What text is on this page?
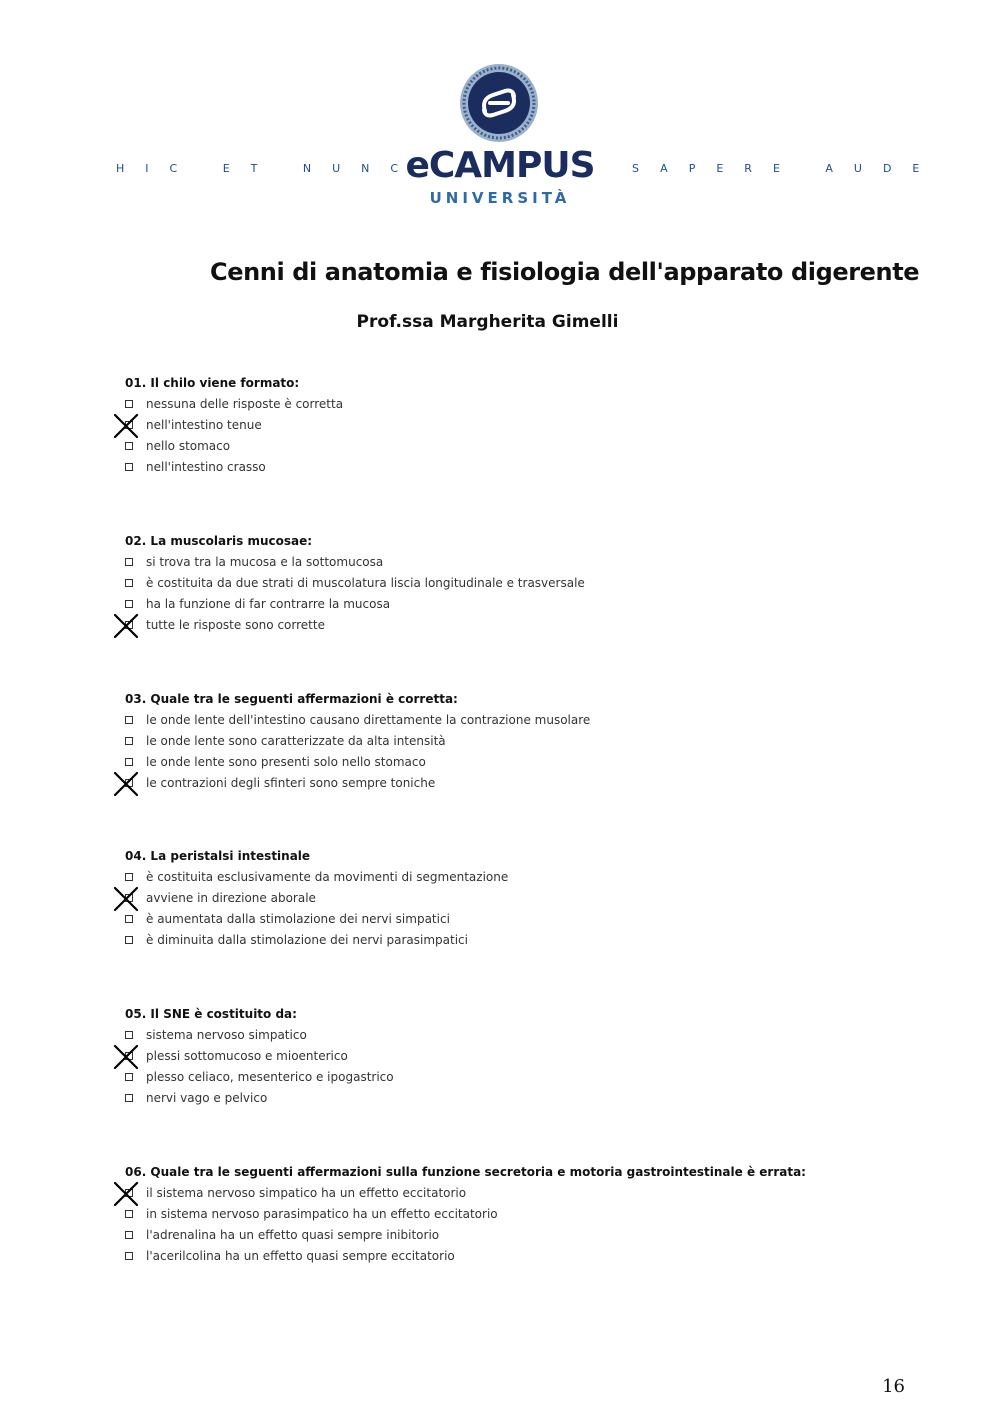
HIC ET NUNC
eCAMPUS
UNIVERSITÀ
SAPERE AUDE
Cenni di anatomia e fisiologia dell'apparato digerente
Prof.ssa Margherita Gimelli
01. Il chilo viene formato:
nessuna delle risposte è corretta
nell'intestino tenue
nello stomaco
nell'intestino crasso
02. La muscolaris mucosae:
si trova tra la mucosa e la sottomucosa
è costituita da due strati di muscolatura liscia longitudinale e trasversale
ha la funzione di far contrarre la mucosa
tutte le risposte sono corrette
03. Quale tra le seguenti affermazioni è corretta:
le onde lente dell'intestino causano direttamente la contrazione musolare
le onde lente sono caratterizzate da alta intensità
le onde lente sono presenti solo nello stomaco
le contrazioni degli sfinteri sono sempre toniche
04. La peristalsi intestinale
è costituita esclusivamente da movimenti di segmentazione
avviene in direzione aborale
è aumentata dalla stimolazione dei nervi simpatici
è diminuita dalla stimolazione dei nervi parasimpatici
05. Il SNE è costituito da:
sistema nervoso simpatico
plessi sottomucoso e mioenterico
plesso celiaco, mesenterico e ipogastrico
nervi vago e pelvico
06. Quale tra le seguenti affermazioni sulla funzione secretoria e motoria gastrointestinale è errata:
il sistema nervoso simpatico ha un effetto eccitatorio
in sistema nervoso parasimpatico ha un effetto eccitatorio
l'adrenalina ha un effetto quasi sempre inibitorio
l'acerilcolina ha un effetto quasi sempre eccitatorio
16
